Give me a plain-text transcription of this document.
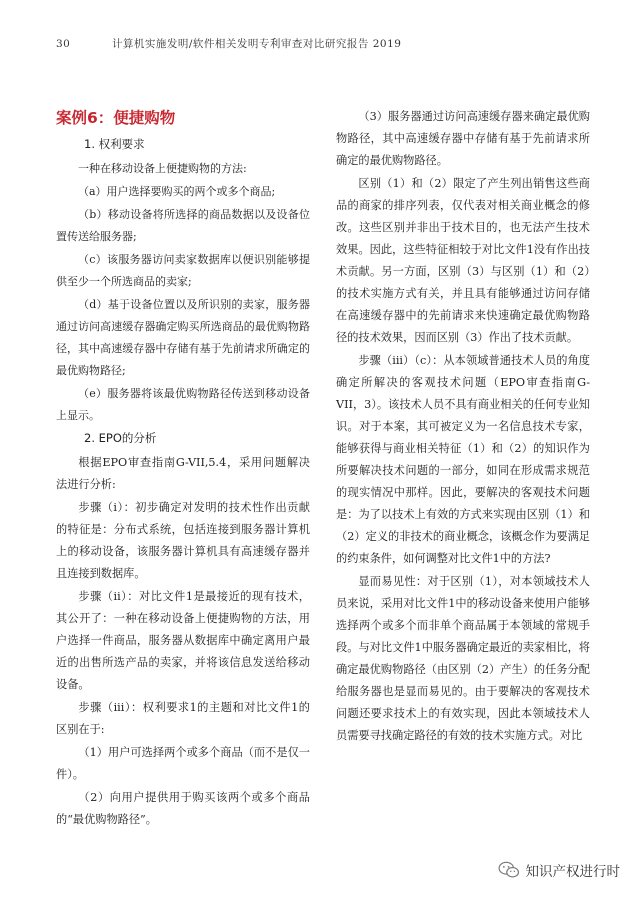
30	计算机实施发明/软件相关发明专利审查对比研究报告 2019
案例6：便捷购物
1. 权利要求

一种在移动设备上便捷购物的方法:

（a）用户选择要购买的两个或多个商品;

（b）移动设备将所选择的商品数据以及设备位置传送给服务器;

（c）该服务器访问卖家数据库以便识别能够提供至少一个所选商品的卖家;

（d）基于设备位置以及所识别的卖家，服务器通过访问高速缓存器确定购买所选商品的最优购物路径，其中高速缓存器中存储有基于先前请求所确定的最优购物路径;

（e）服务器将该最优购物路径传送到移动设备上显示。

2. EPO的分析

根据EPO审查指南G-VII,5.4，采用问题解决法进行分析:

步骤（i）：初步确定对发明的技术性作出贡献的特征是：分布式系统，包括连接到服务器计算机上的移动设备，该服务器计算机具有高速缓存器并且连接到数据库。

步骤（ii）：对比文件1是最接近的现有技术，其公开了：一种在移动设备上便捷购物的方法，用户选择一件商品，服务器从数据库中确定离用户最近的出售所选产品的卖家，并将该信息发送给移动设备。

步骤（iii）：权利要求1的主题和对比文件1的区别在于:

（1）用户可选择两个或多个商品（而不是仅一件）。

（2）向用户提供用于购买该两个或多个商品的“最优购物路径”。

（3）服务器通过访问高速缓存器来确定最优购物路径，其中高速缓存器中存储有基于先前请求所确定的最优购物路径。

区别（1）和（2）限定了产生列出销售这些商品的商家的排序列表，仅代表对相关商业概念的修改。这些区别并非出于技术目的，也无法产生技术效果。因此，这些特征相较于对比文件1没有作出技术贡献。另一方面，区别（3）与区别（1）和（2）的技术实施方式有关，并且具有能够通过访问存储在高速缓存器中的先前请求来快速确定最优购物路径的技术效果，因而区别（3）作出了技术贡献。

步骤（iii）（c）：从本领域普通技术人员的角度确定所解决的客观技术问题（EPO审查指南G-VII，3）。该技术人员不具有商业相关的任何专业知识。对于本案，其可被定义为一名信息技术专家，能够获得与商业相关特征（1）和（2）的知识作为所要解决技术问题的一部分，如同在形成需求规范的现实情况中那样。因此，要解决的客观技术问题是：为了以技术上有效的方式来实现由区别（1）和（2）定义的非技术的商业概念，该概念作为要满足的约束条件，如何调整对比文件1中的方法?

显而易见性：对于区别（1），对本领域技术人员来说，采用对比文件1中的移动设备来使用户能够选择两个或多个而非单个商品属于本领域的常规手段。与对比文件1中服务器确定最近的卖家相比，将确定最优购物路径（由区别（2）产生）的任务分配给服务器也是显而易见的。由于要解决的客观技术问题还要求技术上的有效实现，因此本领域技术人员需要寻找确定路径的有效的技术实施方式。对比

知识产权进行时
